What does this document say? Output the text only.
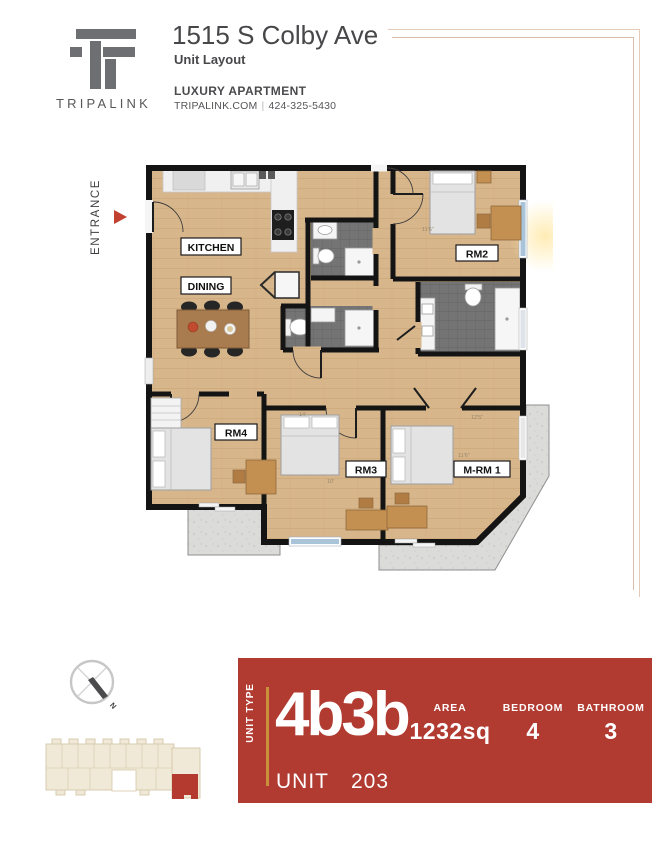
TRIPALINK
1515 S Colby Ave
Unit Layout
LUXURY APARTMENT
TRIPALINK.COM | 424-325-5430
ENTRANCE	11'6"
14'
10'
12'5"
11'6"
KITCHEN
DINING
RM2
RM4
RM3	M-RM 1
N	UNIT TYPE 4b3b	AREA
1232sq
BEDROOM
4
BATHROOM
3
UNIT 203
